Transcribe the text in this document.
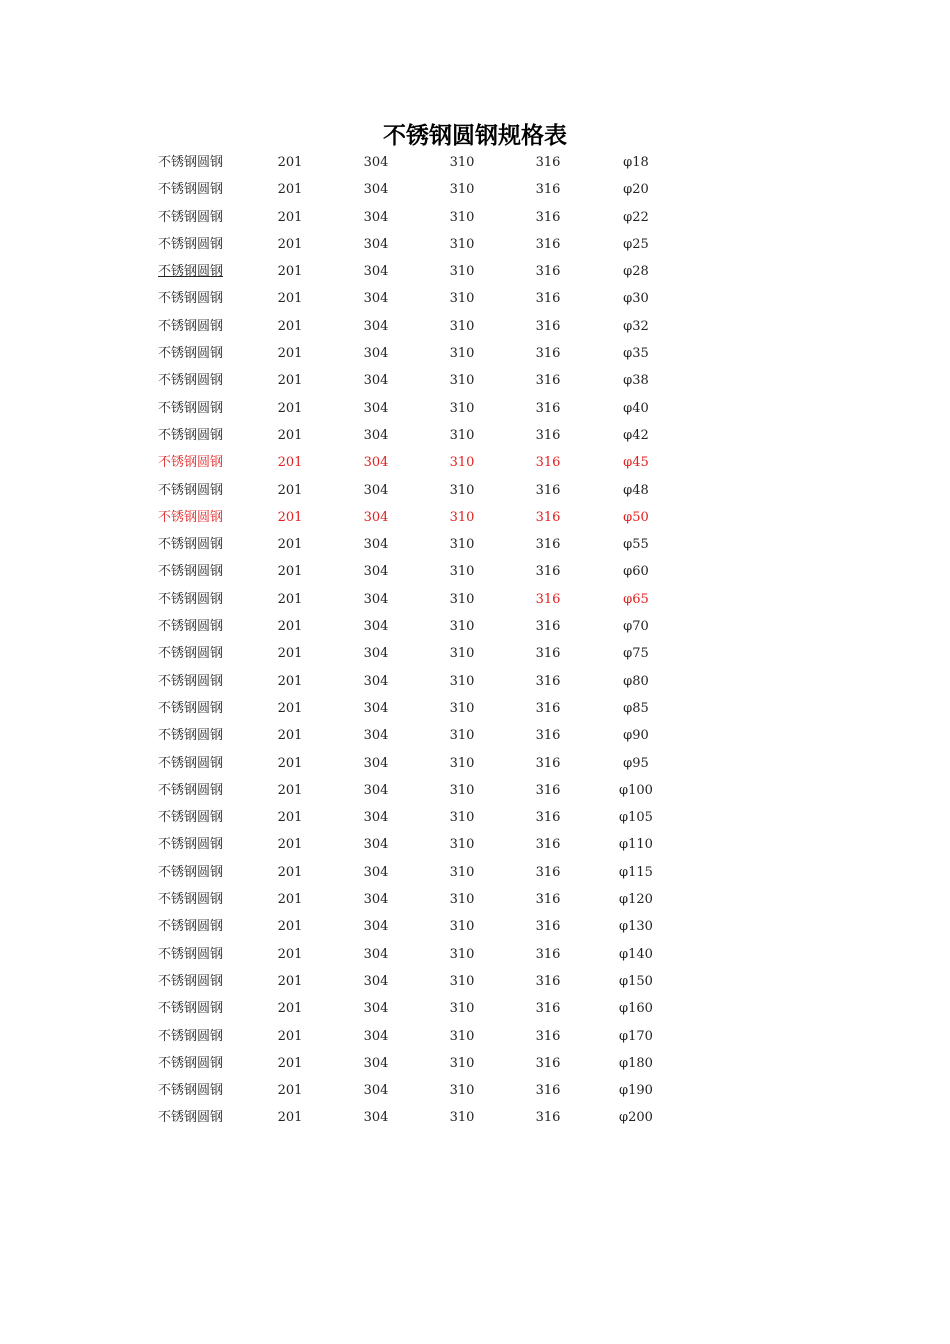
不锈钢圆钢规格表
不锈钢圆钢	201	304	310	316	φ18
不锈钢圆钢	201	304	310	316	φ20
不锈钢圆钢	201	304	310	316	φ22
不锈钢圆钢	201	304	310	316	φ25
不锈钢圆钢	201	304	310	316	φ28
不锈钢圆钢	201	304	310	316	φ30
不锈钢圆钢	201	304	310	316	φ32
不锈钢圆钢	201	304	310	316	φ35
不锈钢圆钢	201	304	310	316	φ38
不锈钢圆钢	201	304	310	316	φ40
不锈钢圆钢	201	304	310	316	φ42
不锈钢圆钢	201	304	310	316	φ45
不锈钢圆钢	201	304	310	316	φ48
不锈钢圆钢	201	304	310	316	φ50
不锈钢圆钢	201	304	310	316	φ55
不锈钢圆钢	201	304	310	316	φ60
不锈钢圆钢	201	304	310	316	φ65
不锈钢圆钢	201	304	310	316	φ70
不锈钢圆钢	201	304	310	316	φ75
不锈钢圆钢	201	304	310	316	φ80
不锈钢圆钢	201	304	310	316	φ85
不锈钢圆钢	201	304	310	316	φ90
不锈钢圆钢	201	304	310	316	φ95
不锈钢圆钢	201	304	310	316	φ100
不锈钢圆钢	201	304	310	316	φ105
不锈钢圆钢	201	304	310	316	φ110
不锈钢圆钢	201	304	310	316	φ115
不锈钢圆钢	201	304	310	316	φ120
不锈钢圆钢	201	304	310	316	φ130
不锈钢圆钢	201	304	310	316	φ140
不锈钢圆钢	201	304	310	316	φ150
不锈钢圆钢	201	304	310	316	φ160
不锈钢圆钢	201	304	310	316	φ170
不锈钢圆钢	201	304	310	316	φ180
不锈钢圆钢	201	304	310	316	φ190
不锈钢圆钢	201	304	310	316	φ200
